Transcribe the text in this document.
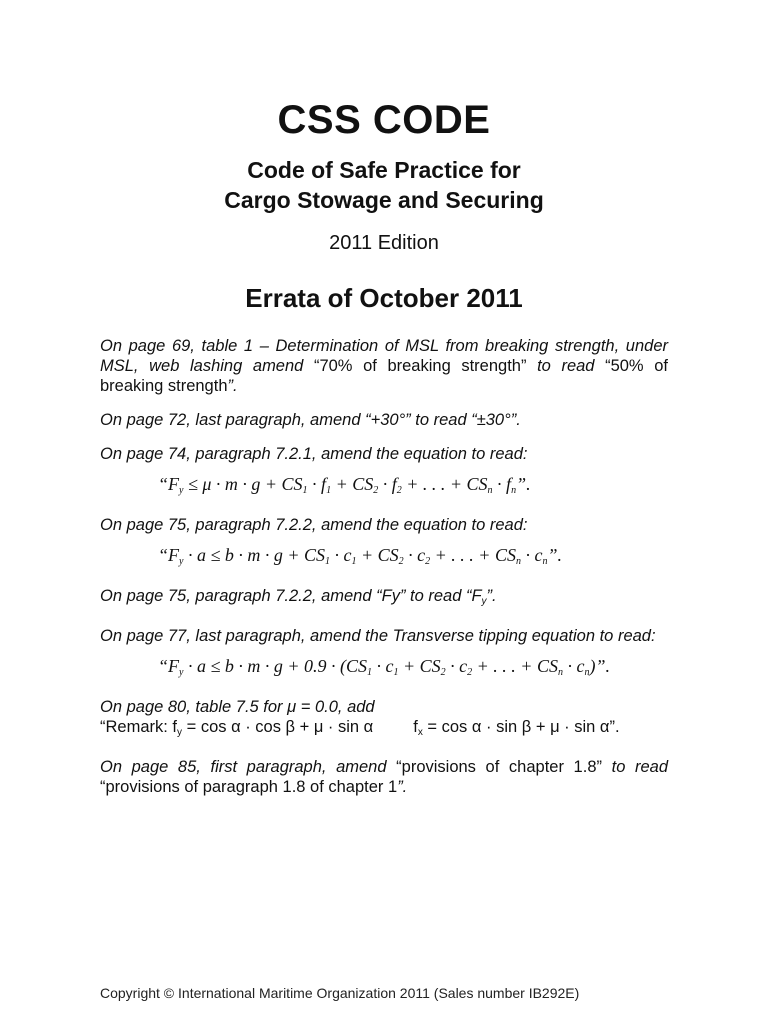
CSS CODE
Code of Safe Practice for
Cargo Stowage and Securing
2011 Edition
Errata of October 2011

On page 69, table 1 – Determination of MSL from breaking strength, under MSL, web lashing amend “70% of breaking strength” to read “50% of breaking strength”.

On page 72, last paragraph, amend “+30°” to read “±30°”.

On page 74, paragraph 7.2.1, amend the equation to read:

“$F_y \le \mu \cdot m \cdot g + CS_1 \cdot f_1 + CS_2 \cdot f_2$ + . . . + $CS_n \cdot f_n$”.

On page 75, paragraph 7.2.2, amend the equation to read:

“$F_y \cdot a \le b \cdot m \cdot g + CS_1 \cdot c_1 + CS_2 \cdot c_2$ + . . . + $CS_n \cdot c_n$”.

On page 75, paragraph 7.2.2, amend “Fy” to read “$F_y$”.

On page 77, last paragraph, amend the Transverse tipping equation to read:

“$F_y \cdot a \le b \cdot m \cdot g + 0.9 \cdot (CS_1 \cdot c_1 + CS_2 \cdot c_2$ + . . . + $CS_n \cdot c_n$)”.

On page 80, table 7.5 for μ = 0.0, add
“Remark: $f_y = \cos \alpha \cdot \cos \beta + \mu \cdot \sin \alpha$ $f_x = \cos \alpha \cdot \sin \beta + \mu \cdot \sin \alpha$”.

On page 85, first paragraph, amend “provisions of chapter 1.8” to read “provisions of paragraph 1.8 of chapter 1”.

Copyright © International Maritime Organization 2011 (Sales number IB292E)
